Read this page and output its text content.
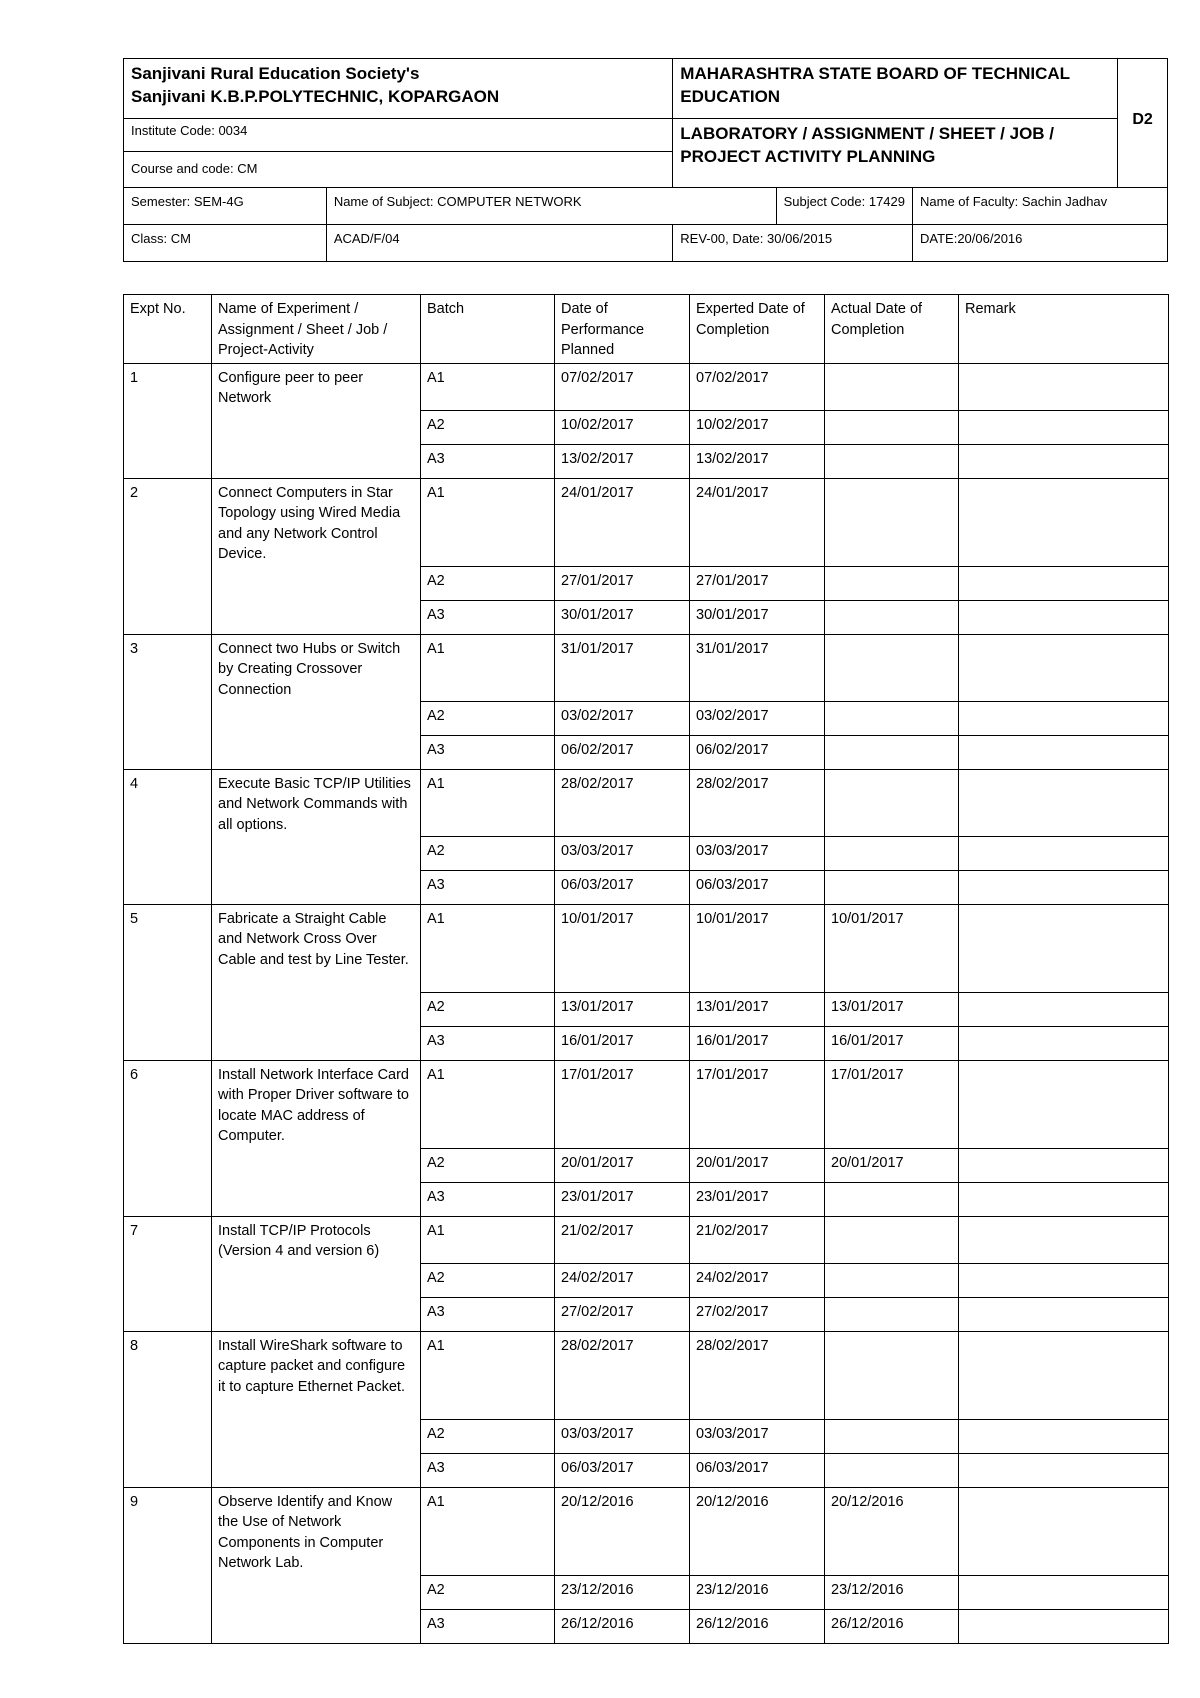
Sanjivani Rural Education Society's
Sanjivani K.B.P.POLYTECHNIC, KOPARGAON		MAHARASHTRA STATE BOARD OF TECHNICAL EDUCATION			D2
Institute Code: 0034		LABORATORY / ASSIGNMENT / SHEET / JOB / PROJECT ACTIVITY PLANNING			
Course and code: CM					
Semester: SEM-4G	Name of Subject: COMPUTER NETWORK		Subject Code: 17429	Name of Faculty: Sachin Jadhav	
Class: CM	ACAD/F/04	REV-00, Date: 30/06/2015		DATE:20/06/2016	
Expt No.	Name of Experiment / Assignment / Sheet / Job / Project-Activity	Batch	Date of Performance Planned	Experted Date of Completion	Actual Date of Completion	Remark
1	Configure peer to peer Network	A1	07/02/2017	07/02/2017		
		A2	10/02/2017	10/02/2017		
		A3	13/02/2017	13/02/2017		
2	Connect Computers in Star Topology using Wired Media and any Network Control Device.	A1	24/01/2017	24/01/2017		
		A2	27/01/2017	27/01/2017		
		A3	30/01/2017	30/01/2017		
3	Connect two Hubs or Switch by Creating Crossover Connection	A1	31/01/2017	31/01/2017		
		A2	03/02/2017	03/02/2017		
		A3	06/02/2017	06/02/2017		
4	Execute Basic TCP/IP Utilities and Network Commands with all options.	A1	28/02/2017	28/02/2017		
		A2	03/03/2017	03/03/2017		
		A3	06/03/2017	06/03/2017		
5	Fabricate a Straight Cable and Network Cross Over Cable and test by Line Tester.	A1	10/01/2017	10/01/2017	10/01/2017	
		A2	13/01/2017	13/01/2017	13/01/2017	
		A3	16/01/2017	16/01/2017	16/01/2017	
6	Install Network Interface Card with Proper Driver software to locate MAC address of Computer.	A1	17/01/2017	17/01/2017	17/01/2017	
		A2	20/01/2017	20/01/2017	20/01/2017	
		A3	23/01/2017	23/01/2017		
7	Install TCP/IP Protocols (Version 4 and version 6)	A1	21/02/2017	21/02/2017		
		A2	24/02/2017	24/02/2017		
		A3	27/02/2017	27/02/2017		
8	Install WireShark software to capture packet and configure it to capture Ethernet Packet.	A1	28/02/2017	28/02/2017		
		A2	03/03/2017	03/03/2017		
		A3	06/03/2017	06/03/2017		
9	Observe Identify and Know the Use of Network Components in Computer Network Lab.	A1	20/12/2016	20/12/2016	20/12/2016	
		A2	23/12/2016	23/12/2016	23/12/2016	
		A3	26/12/2016	26/12/2016	26/12/2016	
